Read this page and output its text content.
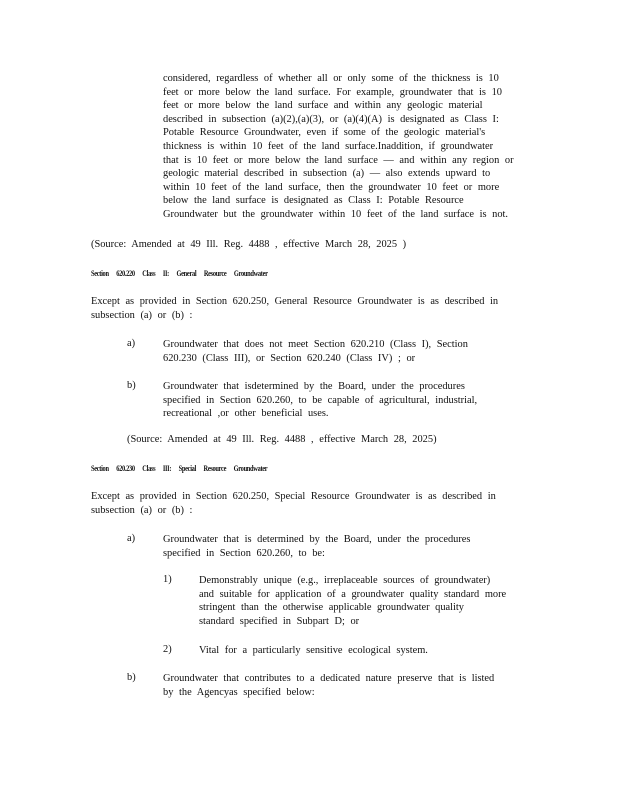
considered, regardless of whether all or only some of the thickness is 10
feet or more below the land surface. For example, groundwater that is 10
feet or more below the land surface and within any geologic material
described in subsection (a)(2),(a)(3), or (a)(4)(A) is designated as Class I:
Potable Resource Groundwater, even if some of the geologic material's
thickness is within 10 feet of the land surface.Inaddition, if groundwater
that is 10 feet or more below the land surface — and within any region or
geologic material described in subsection (a) — also extends upward to
within 10 feet of the land surface, then the groundwater 10 feet or more
below the land surface is designated as Class I: Potable Resource
Groundwater but the groundwater within 10 feet of the land surface is not.
(Source: Amended at 49 Ill. Reg. 4488 , effective March 28, 2025 )
Section 620.220 Class II: General Resource Groundwater
Except as provided in Section 620.250, General Resource Groundwater is as described in
subsection (a) or (b) :
a)	Groundwater that does not meet Section 620.210 (Class I), Section
620.230 (Class III), or Section 620.240 (Class IV) ; or
b)	Groundwater that isdetermined by the Board, under the procedures
specified in Section 620.260, to be capable of agricultural, industrial,
recreational ,or other beneficial uses.
(Source: Amended at 49 Ill. Reg. 4488 , effective March 28, 2025)
Section 620.230 Class III: Special Resource Groundwater
Except as provided in Section 620.250, Special Resource Groundwater is as described in
subsection (a) or (b) :
a)	Groundwater that is determined by the Board, under the procedures
specified in Section 620.260, to be:
1)	Demonstrably unique (e.g., irreplaceable sources of groundwater)
and suitable for application of a groundwater quality standard more
stringent than the otherwise applicable groundwater quality
standard specified in Subpart D; or
2)	Vital for a particularly sensitive ecological system.
b)	Groundwater that contributes to a dedicated nature preserve that is listed
by the Agencyas specified below:
